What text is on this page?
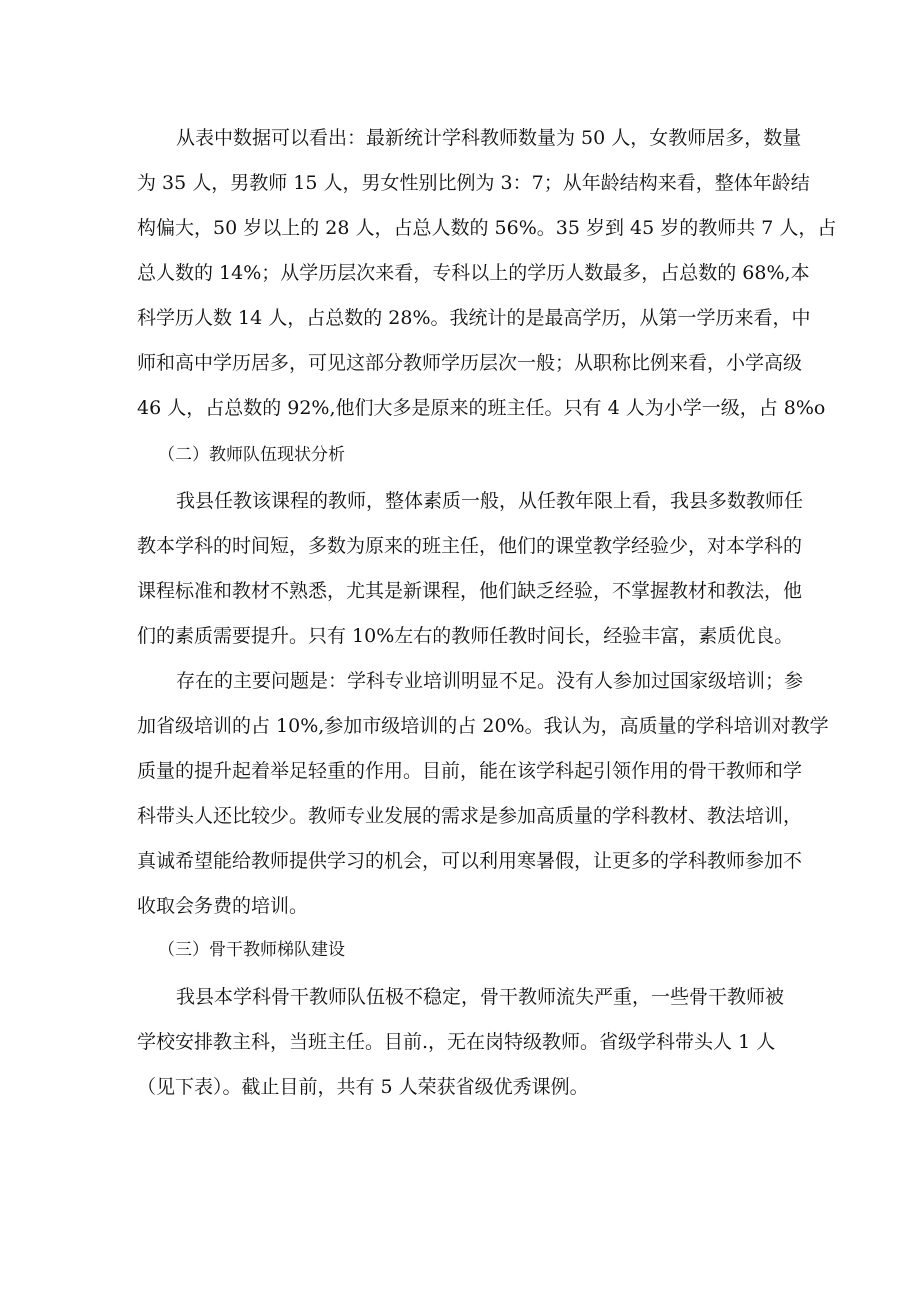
从表中数据可以看出：最新统计学科教师数量为 50 人，女教师居多，数量
为 35 人，男教师 15 人，男女性别比例为 3：7；从年龄结构来看，整体年龄结
构偏大，50 岁以上的 28 人，占总人数的 56%。35 岁到 45 岁的教师共 7 人，占
总人数的 14%；从学历层次来看，专科以上的学历人数最多，占总数的 68%,本
科学历人数 14 人，占总数的 28%。我统计的是最高学历，从第一学历来看，中
师和高中学历居多，可见这部分教师学历层次一般；从职称比例来看，小学高级
46 人，占总数的 92%,他们大多是原来的班主任。只有 4 人为小学一级，占 8%o
（二）教师队伍现状分析
我县任教该课程的教师，整体素质一般，从任教年限上看，我县多数教师任
教本学科的时间短，多数为原来的班主任，他们的课堂教学经验少，对本学科的
课程标准和教材不熟悉，尤其是新课程，他们缺乏经验，不掌握教材和教法，他
们的素质需要提升。只有 10%左右的教师任教时间长，经验丰富，素质优良。
存在的主要问题是：学科专业培训明显不足。没有人参加过国家级培训；参
加省级培训的占 10%,参加市级培训的占 20%。我认为，高质量的学科培训对教学
质量的提升起着举足轻重的作用。目前，能在该学科起引领作用的骨干教师和学
科带头人还比较少。教师专业发展的需求是参加高质量的学科教材、教法培训，
真诚希望能给教师提供学习的机会，可以利用寒暑假，让更多的学科教师参加不
收取会务费的培训。
（三）骨干教师梯队建设
我县本学科骨干教师队伍极不稳定，骨干教师流失严重，一些骨干教师被
学校安排教主科，当班主任。目前.，无在岗特级教师。省级学科带头人 1 人
（见下表）。截止目前，共有 5 人荣获省级优秀课例。
